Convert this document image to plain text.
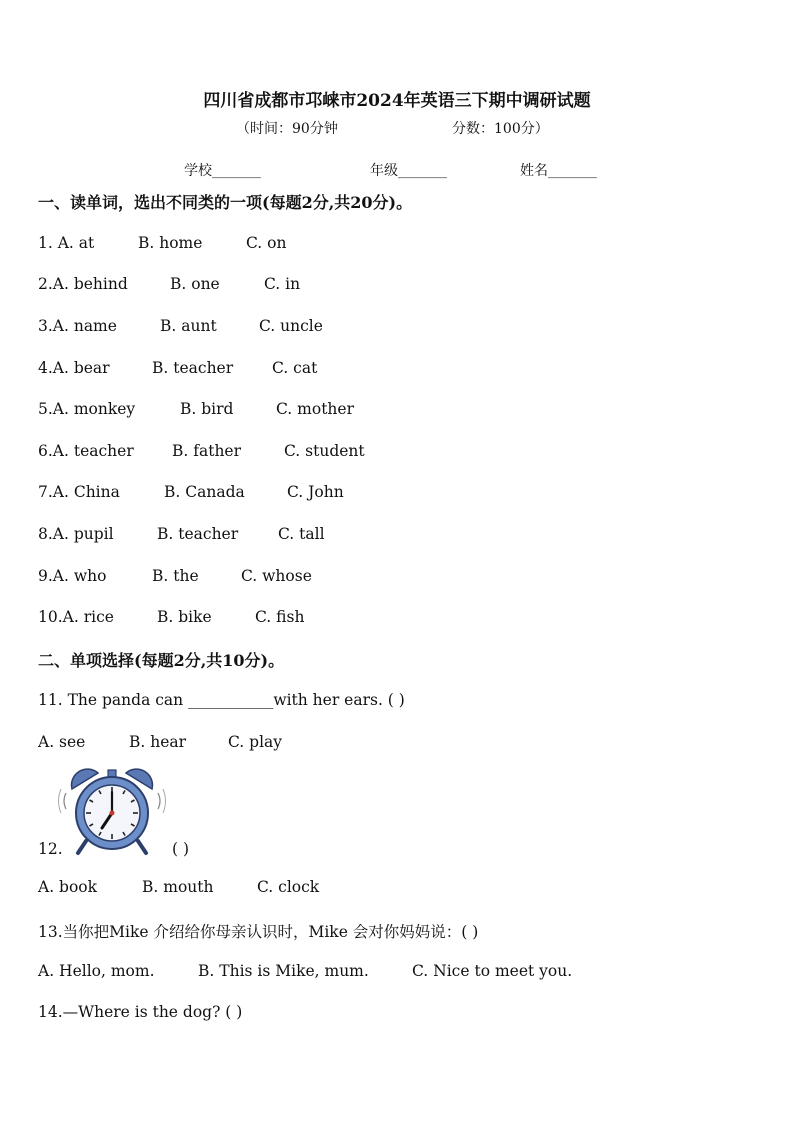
四川省成都市邛崃市2024年英语三下期中调研试题
（时间：90分钟	分数：100分）
学校_______	年级_______	姓名_______
一、读单词，选出不同类的一项(每题2分,共20分)。
1. A. at	B. home	C. on
2.A. behind	B. one	C. in
3.A. name	B. aunt	C. uncle
4.A. bear	B. teacher	C. cat
5.A. monkey	B. bird	C. mother
6.A. teacher B. father	C. student
7.A. China	B. Canada	C. John
8.A. pupil	B. teacher	C. tall
9.A. who	B. the	C. whose
10.A. rice	B. bike	C. fish
二、单项选择(每题2分,共10分)。
11. The panda can ___________with her ears. ( )
A. see	B. hear	C. play
12.	( )
A. book	B. mouth	C. clock
13.当你把Mike 介绍给你母亲认识时，Mike 会对你妈妈说：( )
A. Hello, mom.	B. This is Mike, mum.	C. Nice to meet you.
14.—Where is the dog? ( )
